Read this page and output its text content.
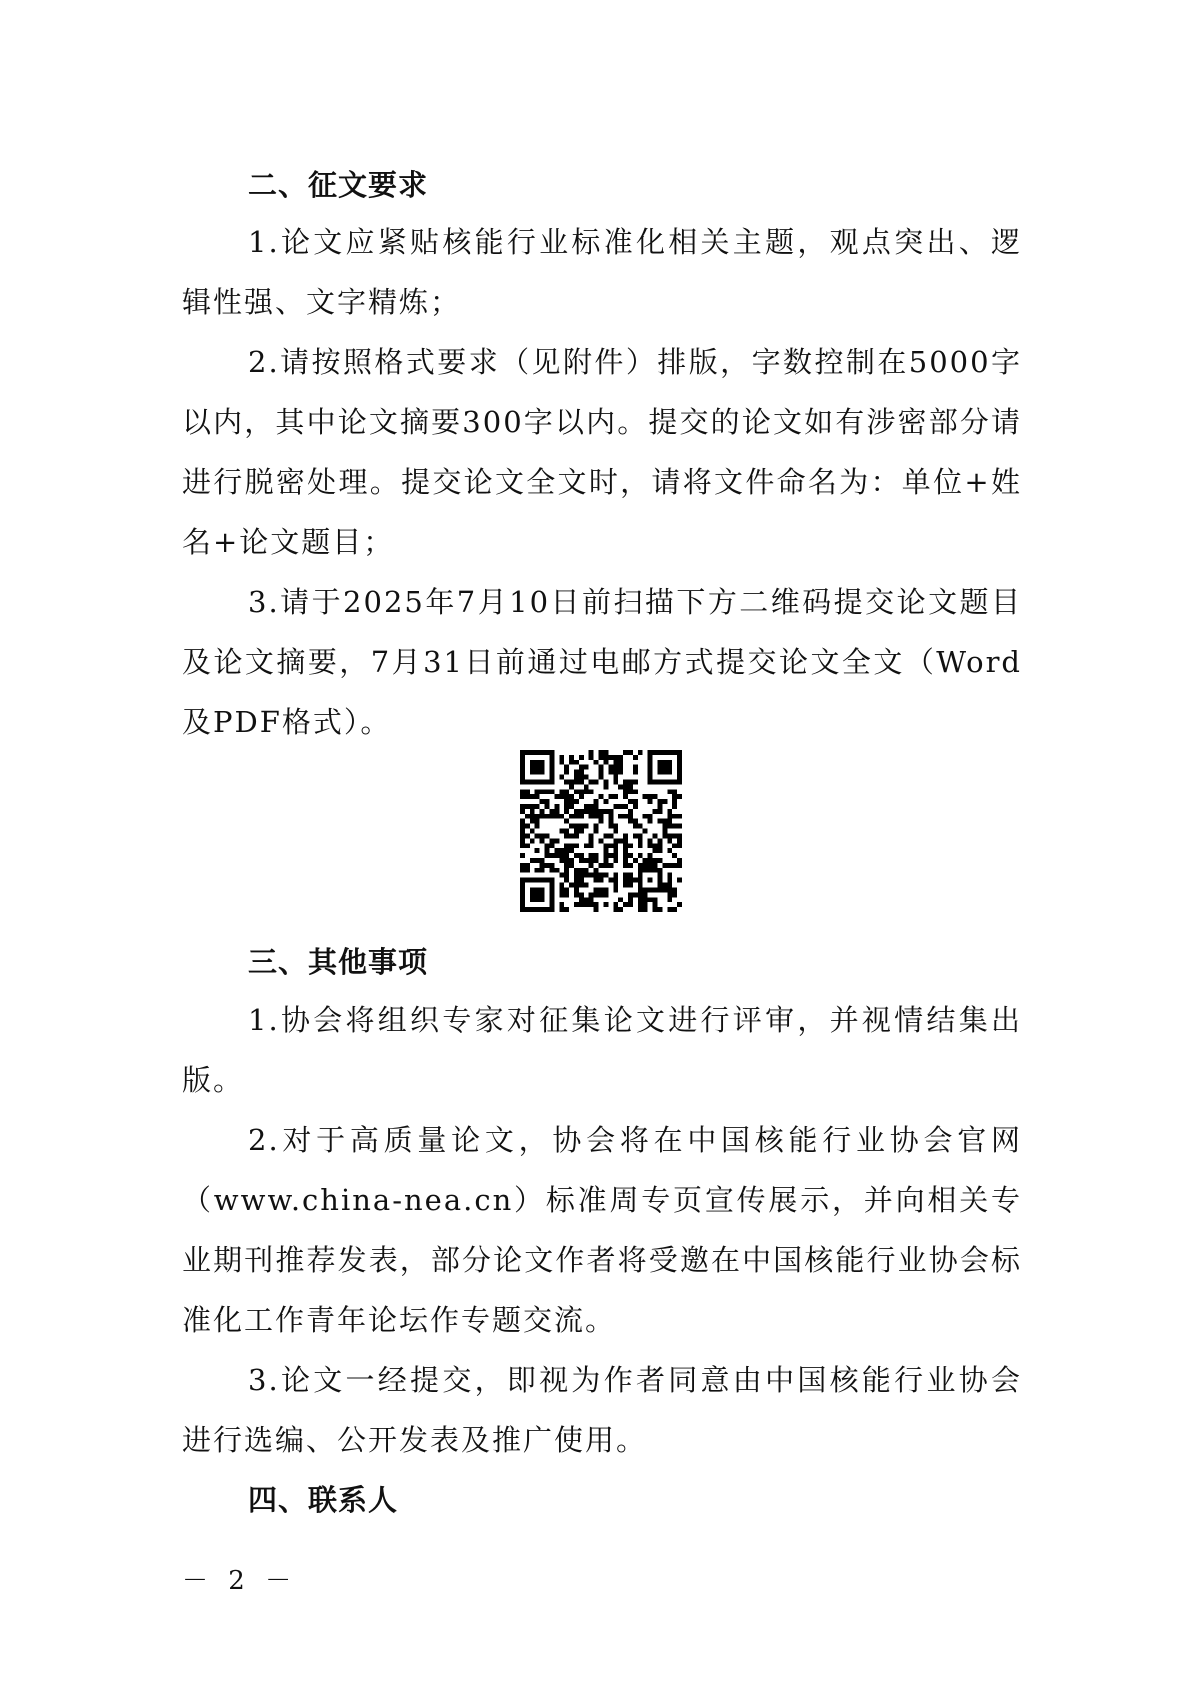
二、征文要求
1.论文应紧贴核能行业标准化相关主题，观点突出、逻辑性强、文字精炼；
2.请按照格式要求（见附件）排版，字数控制在5000字以内，其中论文摘要300字以内。提交的论文如有涉密部分请进行脱密处理。提交论文全文时，请将文件命名为：单位+姓名+论文题目；
3.请于2025年7月10日前扫描下方二维码提交论文题目及论文摘要，7月31日前通过电邮方式提交论文全文（Word及PDF格式）。
三、其他事项
1.协会将组织专家对征集论文进行评审，并视情结集出版。
2.对于高质量论文，协会将在中国核能行业协会官网（www.china-nea.cn）标准周专页宣传展示，并向相关专业期刊推荐发表，部分论文作者将受邀在中国核能行业协会标准化工作青年论坛作专题交流。
3.论文一经提交，即视为作者同意由中国核能行业协会进行选编、公开发表及推广使用。
四、联系人
－ 2 －
